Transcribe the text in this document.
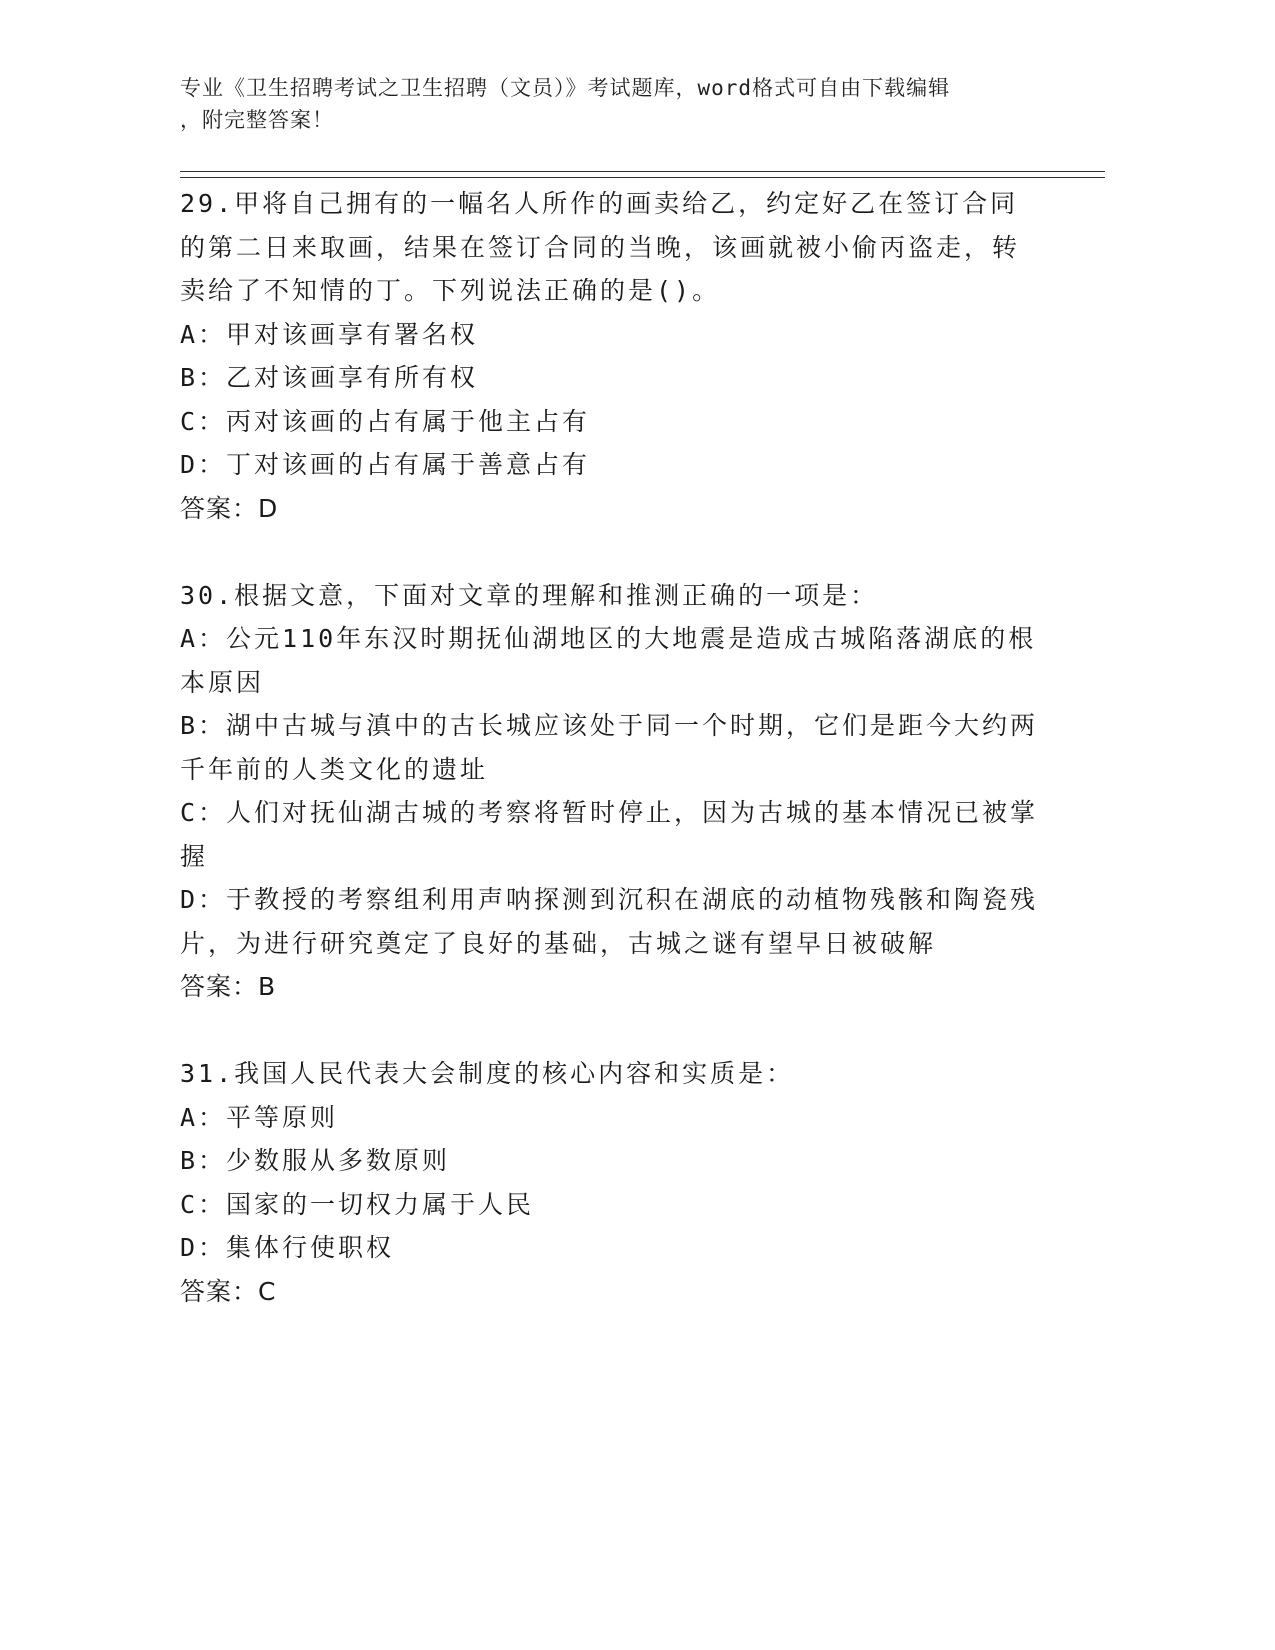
专业《卫生招聘考试之卫生招聘（文员）》考试题库，word格式可自由下载编辑
，附完整答案！

29.甲将自己拥有的一幅名人所作的画卖给乙，约定好乙在签订合同的第二日来取画，结果在签订合同的当晚，该画就被小偷丙盗走，转卖给了不知情的丁。下列说法正确的是()。

A：甲对该画享有署名权

B：乙对该画享有所有权

C：丙对该画的占有属于他主占有

D：丁对该画的占有属于善意占有

答案：D

30.根据文意，下面对文章的理解和推测正确的一项是：

A：公元110年东汉时期抚仙湖地区的大地震是造成古城陷落湖底的根本原因

B：湖中古城与滇中的古长城应该处于同一个时期，它们是距今大约两千年前的人类文化的遗址

C：人们对抚仙湖古城的考察将暂时停止，因为古城的基本情况已被掌握

D：于教授的考察组利用声呐探测到沉积在湖底的动植物残骸和陶瓷残片，为进行研究奠定了良好的基础，古城之谜有望早日被破解

答案：B

31.我国人民代表大会制度的核心内容和实质是：

A：平等原则

B：少数服从多数原则

C：国家的一切权力属于人民

D：集体行使职权

答案：C
